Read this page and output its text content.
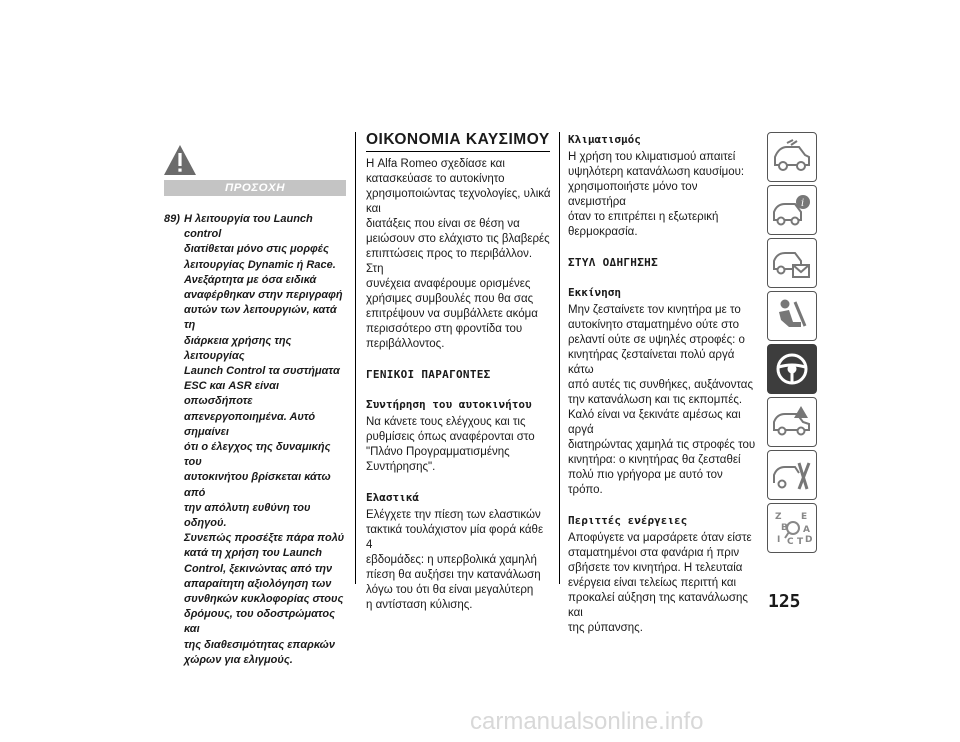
ΠΡΟΣΟΧΗ
89) Η λειτουργία του Launch control
διατίθεται μόνο στις μορφές
λειτουργίας Dynamic ή Race.
Ανεξάρτητα με όσα ειδικά
αναφέρθηκαν στην περιγραφή
αυτών των λειτουργιών, κατά τη
διάρκεια χρήσης της λειτουργίας
Launch Control τα συστήματα
ESC και ASR είναι οπωσδήποτε
απενεργοποιημένα. Αυτό σημαίνει
ότι ο έλεγχος της δυναμικής του
αυτοκινήτου βρίσκεται κάτω από
την απόλυτη ευθύνη του οδηγού.
Συνεπώς προσέξτε πάρα πολύ
κατά τη χρήση του Launch
Control, ξεκινώντας από την
απαραίτητη αξιολόγηση των
συνθηκών κυκλοφορίας στους
δρόμους, του οδοστρώματος και
της διαθεσιμότητας επαρκών
χώρων για ελιγμούς.
ΟΙΚΟΝΟΜΙΑ ΚΑΥΣΙΜΟΥ

Η Alfa Romeo σχεδίασε και
κατασκεύασε το αυτοκίνητο
χρησιμοποιώντας τεχνολογίες, υλικά και
διατάξεις που είναι σε θέση να
μειώσουν στο ελάχιστο τις βλαβερές
επιπτώσεις προς το περιβάλλον. Στη
συνέχεια αναφέρουμε ορισμένες
χρήσιμες συμβουλές που θα σας
επιτρέψουν να συμβάλλετε ακόμα
περισσότερο στη φροντίδα του
περιβάλλοντος.

ΓΕΝΙΚΟΙ ΠΑΡΑΓΟΝΤΕΣ

Συντήρηση του αυτοκινήτου

Να κάνετε τους ελέγχους και τις
ρυθμίσεις όπως αναφέρονται στο
"Πλάνο Προγραμματισμένης
Συντήρησης".

Ελαστικά

Ελέγχετε την πίεση των ελαστικών
τακτικά τουλάχιστον μία φορά κάθε 4
εβδομάδες: η υπερβολικά χαμηλή
πίεση θα αυξήσει την κατανάλωση
λόγω του ότι θα είναι μεγαλύτερη
η αντίσταση κύλισης.

Κλιματισμός

Η χρήση του κλιματισμού απαιτεί
υψηλότερη κατανάλωση καυσίμου:
χρησιμοποιήστε μόνο τον ανεμιστήρα
όταν το επιτρέπει η εξωτερική
θερμοκρασία.

ΣΤΥΛ ΟΔΗΓΗΣΗΣ

Εκκίνηση

Μην ζεσταίνετε τον κινητήρα με το
αυτοκίνητο σταματημένο ούτε στο
ρελαντί ούτε σε υψηλές στροφές: ο
κινητήρας ζεσταίνεται πολύ αργά κάτω
από αυτές τις συνθήκες, αυξάνοντας
την κατανάλωση και τις εκπομπές.
Καλό είναι να ξεκινάτε αμέσως και αργά
διατηρώντας χαμηλά τις στροφές του
κινητήρα: ο κινητήρας θα ζεσταθεί
πολύ πιο γρήγορα με αυτό τον τρόπο.

Περιττές ενέργειες

Αποφύγετε να μαρσάρετε όταν είστε
σταματημένοι στα φανάρια ή πριν
σβήσετε τον κινητήρα. Η τελευταία
ενέργεια είναι τελείως περιττή και
προκαλεί αύξηση της κατανάλωσης και
της ρύπανσης.

i
Z E
B A
I C T D
125
carmanualsonline.info
